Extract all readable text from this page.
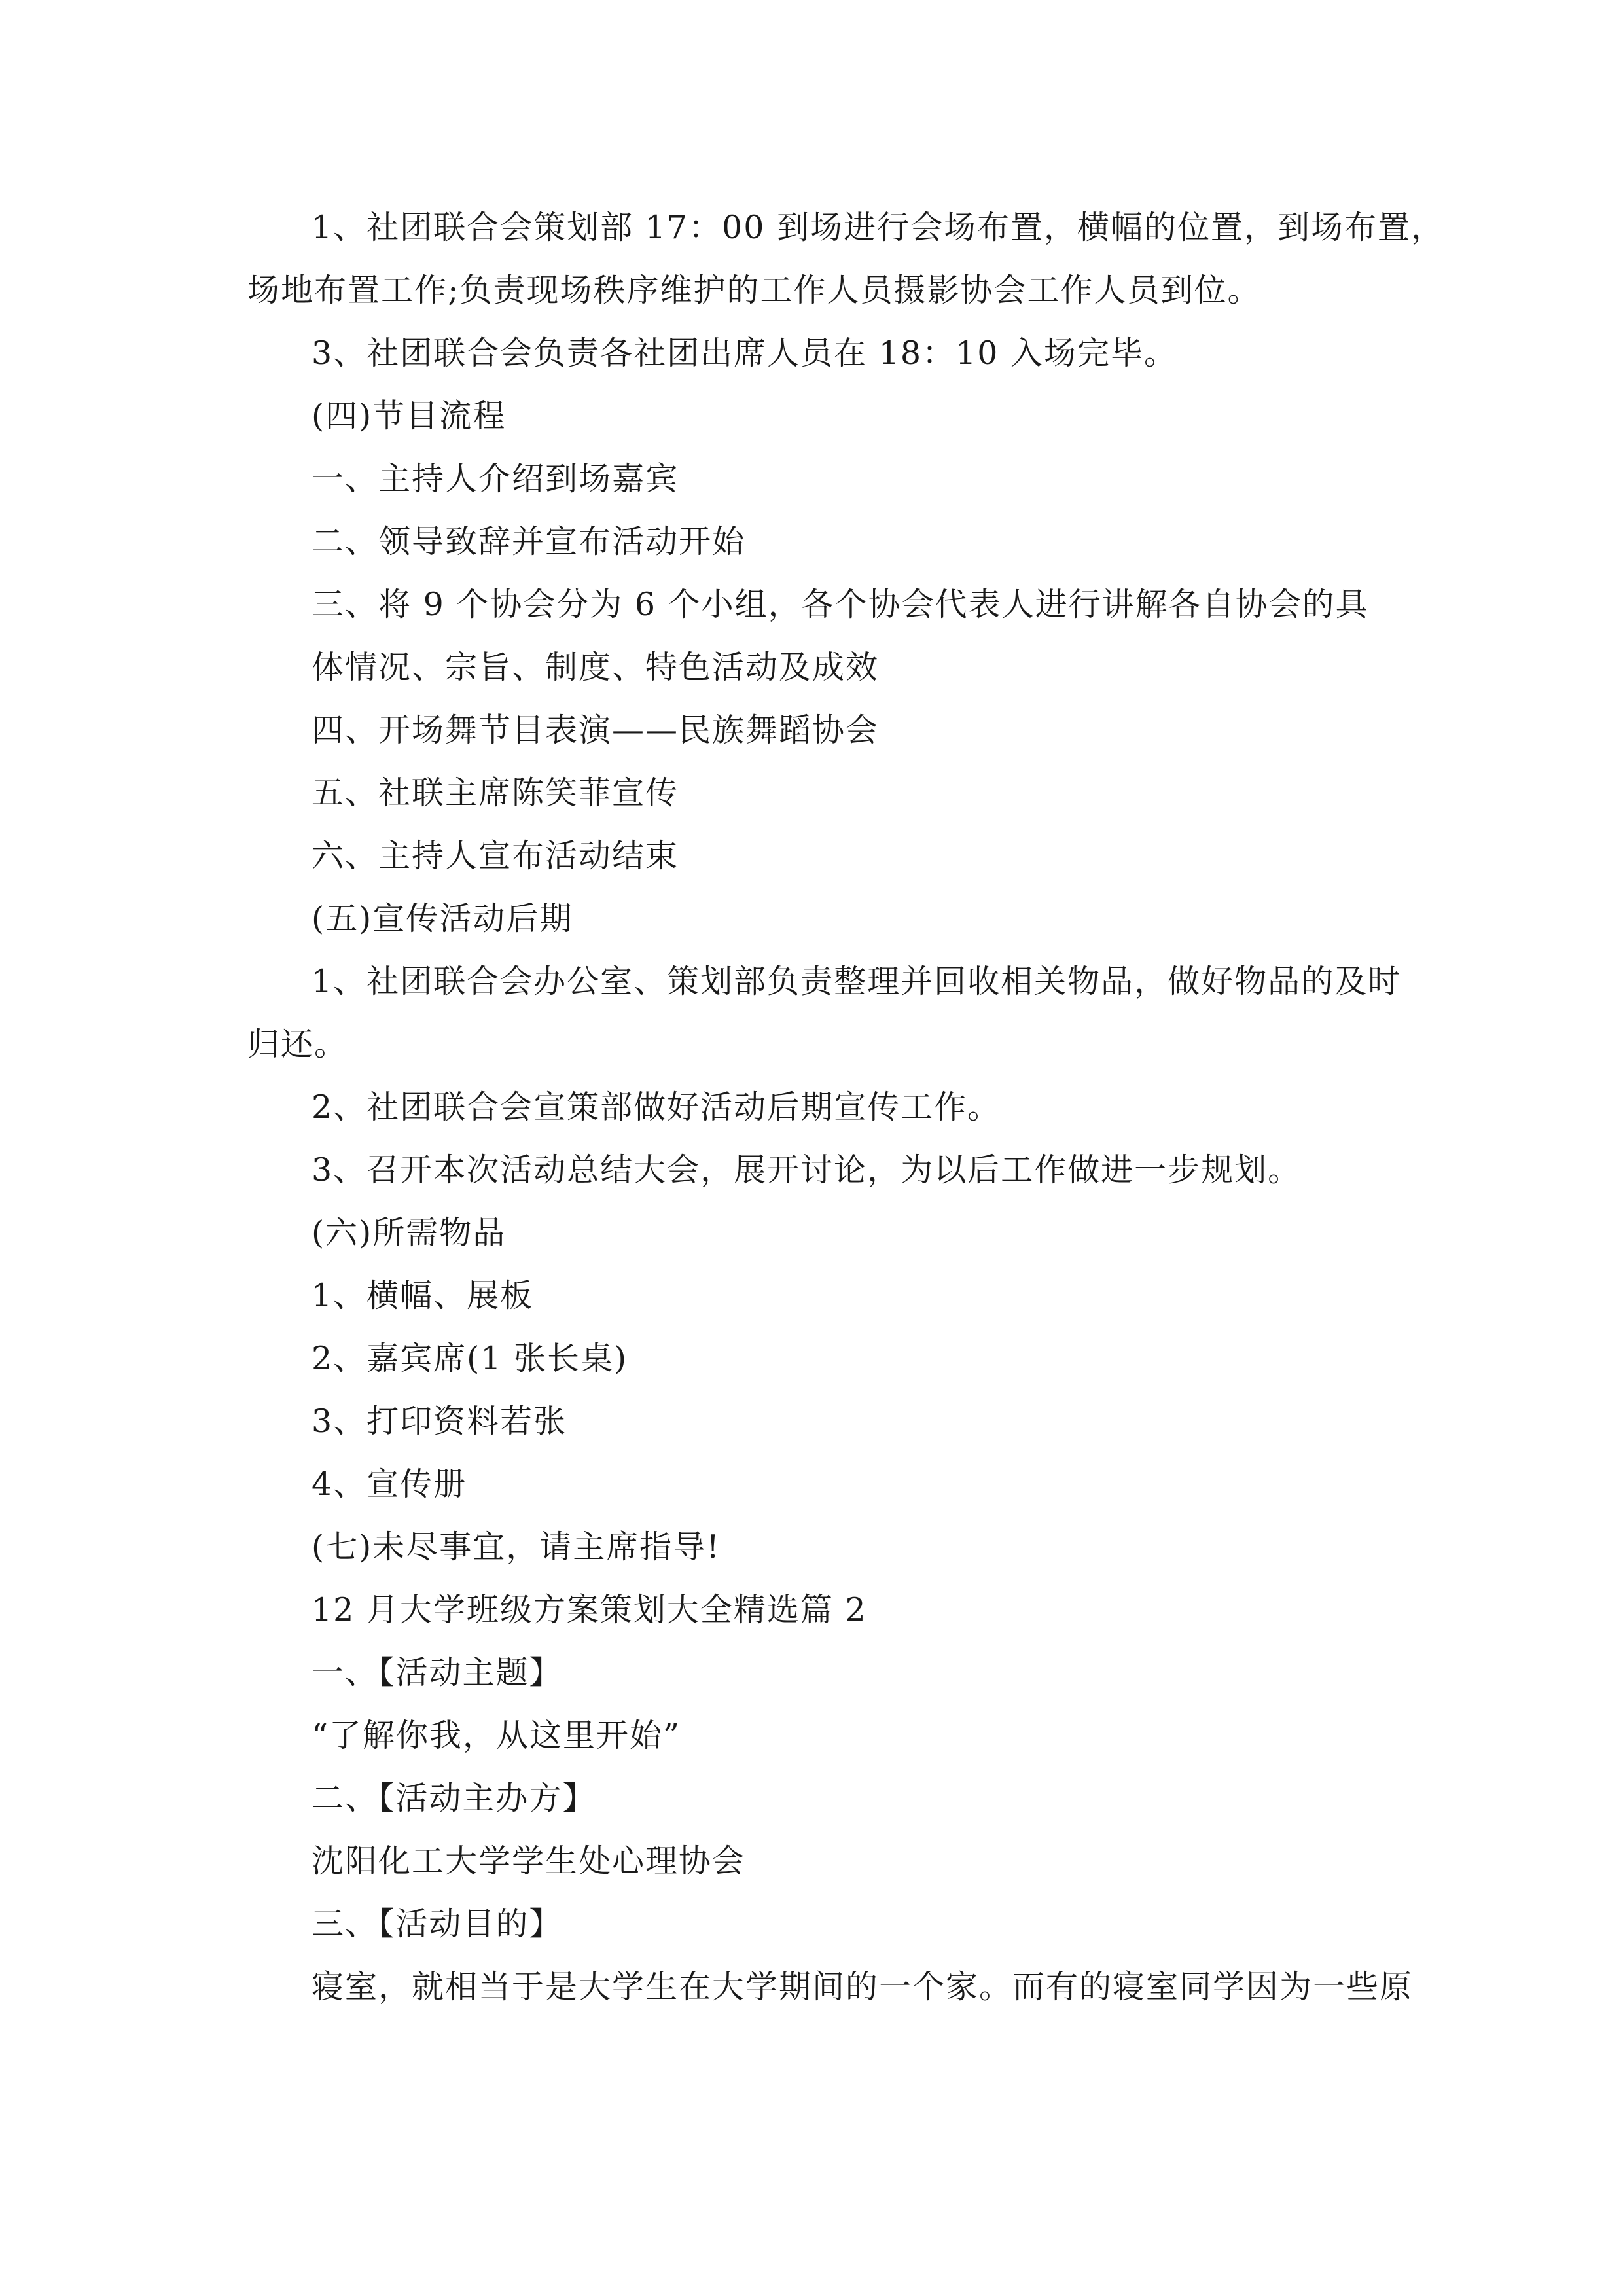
1、社团联合会策划部 17：00 到场进行会场布置，横幅的位置，到场布置，
场地布置工作;负责现场秩序维护的工作人员摄影协会工作人员到位。
3、社团联合会负责各社团出席人员在 18：10 入场完毕。
(四)节目流程
一、主持人介绍到场嘉宾
二、领导致辞并宣布活动开始
三、将 9 个协会分为 6 个小组，各个协会代表人进行讲解各自协会的具
体情况、宗旨、制度、特色活动及成效
四、开场舞节目表演——民族舞蹈协会
五、社联主席陈笑菲宣传
六、主持人宣布活动结束
(五)宣传活动后期
1、社团联合会办公室、策划部负责整理并回收相关物品，做好物品的及时
归还。
2、社团联合会宣策部做好活动后期宣传工作。
3、召开本次活动总结大会，展开讨论，为以后工作做进一步规划。
(六)所需物品
1、横幅、展板
2、嘉宾席(1 张长桌)
3、打印资料若张
4、宣传册
(七)未尽事宜，请主席指导!
12 月大学班级方案策划大全精选篇 2
一、【活动主题】
“了解你我，从这里开始”
二、【活动主办方】
沈阳化工大学学生处心理协会
三、【活动目的】
寝室，就相当于是大学生在大学期间的一个家。而有的寝室同学因为一些原
